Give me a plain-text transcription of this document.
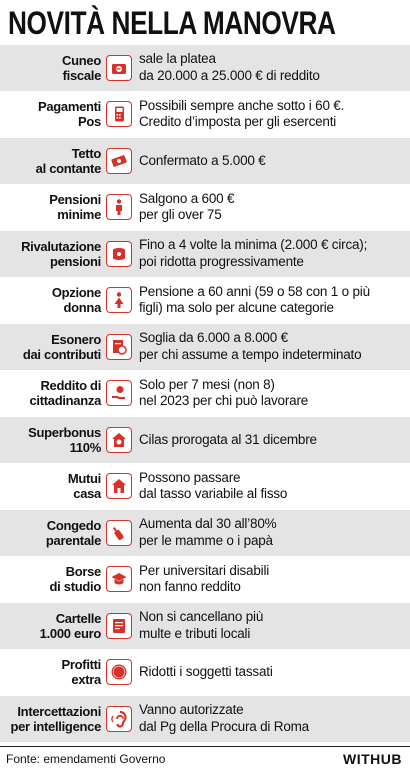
NOVITÀ NELLA MANOVRA
Cuneo
fiscale
sale la platea
da 20.000 a 25.000 € di reddito
Pagamenti
Pos
Possibili sempre anche sotto i 60 €.
Credito d’imposta per gli esercenti
Tetto
al contante
Confermato a 5.000 €
Pensioni
minime
Salgono a 600 €
per gli over 75
Rivalutazione
pensioni
Fino a 4 volte la minima (2.000 € circa);
poi ridotta progressivamente
Opzione
donna
Pensione a 60 anni (59 o 58 con 1 o più
figli) ma solo per alcune categorie
Esonero
dai contributi
Soglia da 6.000 a 8.000 €
per chi assume a tempo indeterminato
Reddito di
cittadinanza
Solo per 7 mesi (non 8)
nel 2023 per chi può lavorare
Superbonus
110%
Cilas prorogata al 31 dicembre
Mutui
casa
Possono passare
dal tasso variabile al fisso
Congedo
parentale
Aumenta dal 30 all’80%
per le mamme o i papà
Borse
di studio
Per universitari disabili
non fanno reddito
Cartelle
1.000 euro
Non si cancellano più
multe e tributi locali
Profitti
extra
Ridotti i soggetti tassati
Intercettazioni
per intelligence
Vanno autorizzate
dal Pg della Procura di Roma
Fonte: emendamenti Governo	WITHUB
